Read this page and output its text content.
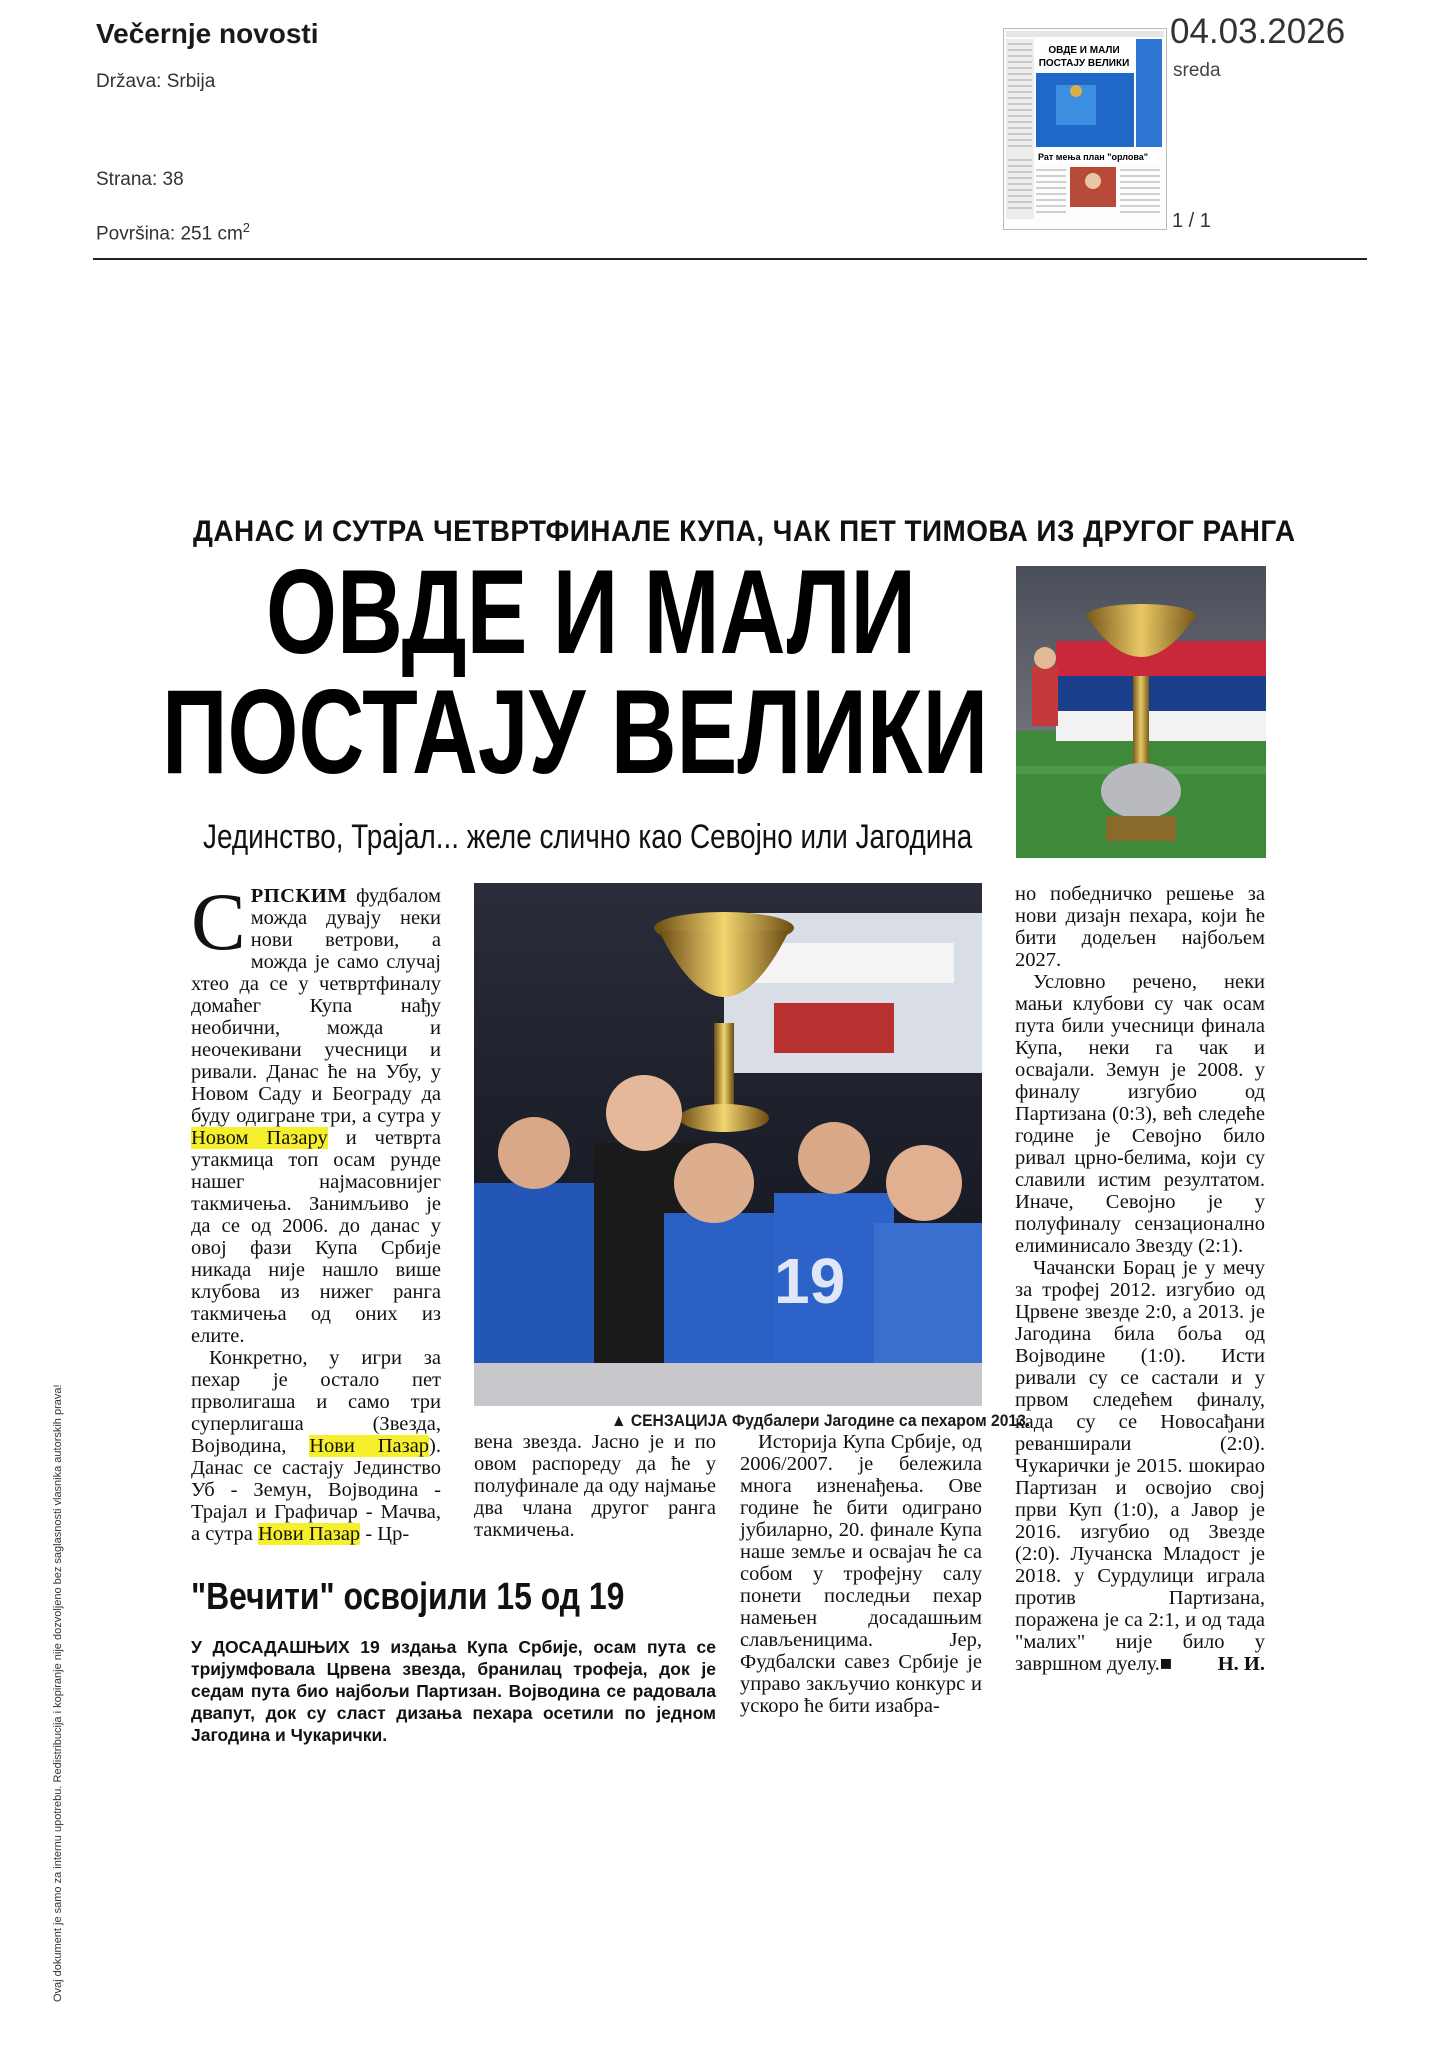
Večernje novosti
Država: Srbija
Strana: 38
Površina: 251 $cm^2$
ОВДЕ И МАЛИ
ПОСТАЈУ ВЕЛИКИ
Рат мења план "орлова"
04.03.2026
sreda
1 / 1
ДАНАС И СУТРА ЧЕТВРТФИНАЛЕ КУПА, ЧАК ПЕТ ТИМОВА ИЗ ДРУГОГ РАНГА
ОВДЕ И МАЛИ
ПОСТАЈУ ВЕЛИКИ
Јединство, Трајал... желе слично као Севојно или Јагодина
19
▲ СЕНЗАЦИЈА Фудбалери Јагодине са пехаром 2013.

СРПСКИМ фудбалом можда дувају неки нови ветрови, а можда је само случај хтео да се у четвртфиналу домаћег Купа нађу необични, можда и неочекивани учесници и ривали. Данас ће на Убу, у Новом Саду и Београду да буду одигране три, а сутра у Новом Пазару и четврта утакмица топ осам рунде нашег најмасовнијег такмичења. Занимљиво је да се од 2006. до данас у овој фази Купа Србије никада није нашло више клубова из нижег ранга такмичења од оних из елите.

Конкретно, у игри за пехар је остало пет прволигаша и само три суперлигаша (Звезда, Војводина, Нови Пазар). Данас се састају Јединство Уб - Земун, Војводина - Трајал и Графичар - Мачва, а сутра Нови Пазар - Цр-

вена звезда. Јасно је и по овом распореду да ће у полуфинале да оду најмање два члана другог ранга такмичења.

Историја Купа Србије, од 2006/2007. је бележила многа изненађења. Ове године ће бити одиграно јубиларно, 20. финале Купа наше земље и освајач ће са собом у трофејну салу понети последњи пехар намењен досадашњим слављеницима. Јер, Фудбалски савез Србије је управо закључио конкурс и ускоро ће бити изабра-

но победничко решење за нови дизајн пехара, који ће бити додељен најбољем 2027.

Условно речено, неки мањи клубови су чак осам пута били учесници финала Купа, неки га чак и освајали. Земун је 2008. у финалу изгубио од Партизана (0:3), већ следеће године је Севојно било ривал црно-белима, који су славили истим резултатом. Иначе, Севојно је у полуфиналу сензационално елиминисало Звезду (2:1).

Чачански Борац је у мечу за трофеј 2012. изгубио од Црвене звезде 2:0, а 2013. је Јагодина била боља од Војводине (1:0). Исти ривали су се састали и у првом следећем финалу, када су се Новосађани реванширали (2:0). Чукарички је 2015. шокирао Партизан и освојио свој први Куп (1:0), а Јавор је 2016. изгубио од Звезде (2:0). Лучанска Младост је 2018. у Сурдулици играла против Партизана, поражена је са 2:1, и од тада "малих" није било у завршном дуелу.■	Н. И.

"Вечити" освојили 15 од 19
У ДОСАДАШЊИХ 19 издања Купа Србије, осам пута се тријумфовала Црвена звезда, бранилац трофеја, док је седам пута био најбољи Партизан. Војводина се радовала двапут, док су сласт дизања пехара осетили по једном Јагодина и Чукарички.
Ovaj dokument je samo za internu upotrebu. Redistribucija i kopiranje nije dozvoljeno bez saglasnosti vlasnika autorskih prava!
